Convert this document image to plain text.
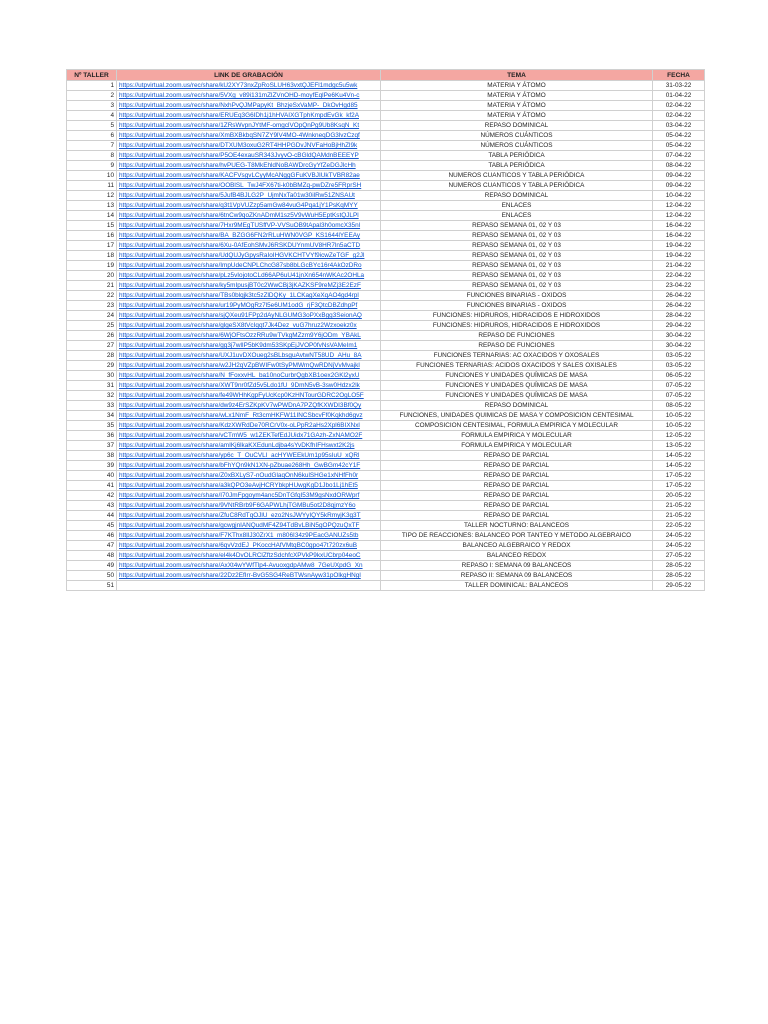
Nº TALLER	LINK DE GRABACIÓN	TEMA	FECHA
1	https://utpvirtual.zoom.us/rec/share/kU2XY73nxZpRoSLUH63vxtQJEFl1mdgc5u5wk	MATERIA Y ÁTOMO	31-03-22
2	https://utpvirtual.zoom.us/rec/share/5VXg_v89i131mZlZVnOHD-moyfEqlPe6Ku4Vn-c	MATERIA Y ÁTOMO	01-04-22
3	https://utpvirtual.zoom.us/rec/share/NxhPvQJMPapyKt_BhzjeSxVaMP-_DkOvHgd85	MATERIA Y ÁTOMO	02-04-22
4	https://utpvirtual.zoom.us/rec/share/ERUEq3G6IDh1j1hHVAIXGTphKmpdEvGk_kf2A	MATERIA Y ÁTOMO	02-04-22
5	https://utpvirtual.zoom.us/rec/share/1ZRsWvpnJYtMF-omgclVOpQnPg9Ub8KsqN_Kt	REPASO DOMINICAL	03-04-22
6	https://utpvirtual.zoom.us/rec/share/XmBXBkbqSN7ZY9lV4MO-4WnkneqDG3lvzCzqf	NÚMEROS CUÁNTICOS	05-04-22
7	https://utpvirtual.zoom.us/rec/share/DTXUM3oxuG2RT4HHPGDvJNVFaHoBjHhZl9k	NÚMEROS CUÁNTICOS	05-04-22
8	https://utpvirtual.zoom.us/rec/share/P5OE4exauSR343JvyvO-cBGldQAMdnBEEEYP	TABLA PERIÓDICA	07-04-22
9	https://utpvirtual.zoom.us/rec/share/hvPUEG-T8MkEhldNoBAWDrcGyYfZeDGJlcHh	TABLA PERIÓDICA	08-04-22
10	https://utpvirtual.zoom.us/rec/share/KACFVsgvLCyyMcANggGFuKVBJIUkTVBR82ae	NUMEROS CUANTICOS Y TABLA PERIÓDICA	09-04-22
11	https://utpvirtual.zoom.us/rec/share/OOBlSL_TwJ4FX67ti-k0bBMZq-pwDZre5FRprSH	NUMEROS CUANTICOS Y TABLA PERIÓDICA	09-04-22
12	https://utpvirtual.zoom.us/rec/share/5JufB4BJLG2P_UjmNxTa01w30ilRw51ZNSAUt	REPASO DOMINICAL	10-04-22
13	https://utpvirtual.zoom.us/rec/share/q3t1VpVUZzp5amGw84vuG4Pqa1jY1PsKqMYY	ENLACES	12-04-22
14	https://utpvirtual.zoom.us/rec/share/6tnCw9qoZKnADmM1sz5V9vWuH5EptKstQJLPl	ENLACES	12-04-22
15	https://utpvirtual.zoom.us/rec/share/7Hxr9MEgTUSffVP-VVSuOB9tApal3h0omcX35nl	REPASO SEMANA 01, 02 Y 03	16-04-22
16	https://utpvirtual.zoom.us/rec/share/BA_BZGG6FN2rRLuHWN0VGP_KS1644lYEEAy	REPASO SEMANA 01, 02 Y 03	16-04-22
17	https://utpvirtual.zoom.us/rec/share/6Xu-0AfEohSMvJ6RSKDUYnmUV8HR7ln5aCTD	REPASO SEMANA 01, 02 Y 03	19-04-22
18	https://utpvirtual.zoom.us/rec/share/UdQUJyGpysRaIoIHGVKCHTVYf9icwZeTGF_g2Jl	REPASO SEMANA 01, 02 Y 03	19-04-22
19	https://utpvirtual.zoom.us/rec/share/ImpUdeCNPLChcG87sb8bLGcBYc16r4AkOzDRo	REPASO SEMANA 01, 02 Y 03	21-04-22
20	https://utpvirtual.zoom.us/rec/share/pLz5vIojotoCLd66AP6uU41jnXn654nWKAc2OHLa	REPASO SEMANA 01, 02 Y 03	22-04-22
21	https://utpvirtual.zoom.us/rec/share/ky5mIpusjBT0c2WwCBj3jKAZKSF9reMZj3E2EzF	REPASO SEMANA 01, 02 Y 03	23-04-22
22	https://utpvirtual.zoom.us/rec/share/TBs0blqjk3tc5zZlDQKy_1LCKagXeXqAO4gd4rpl	FUNCIONES BINARIAS - OXIDOS	26-04-22
23	https://utpvirtual.zoom.us/rec/share/ur19PyMOgRz7l5e6UM1odG_rjF3QtcDBZdhpPf	FUNCIONES BINARIAS - OXIDOS	26-04-22
24	https://utpvirtual.zoom.us/rec/share/sjQXeu91FPp2dAyNLGUMG3oPXxBgg3SeionAQ	FUNCIONES: HIDRUROS, HIDRACIDOS E HIDROXIDOS	28-04-22
25	https://utpvirtual.zoom.us/rec/share/glgeSX8tVcIqqt7Jk4Dez_vuG7hruz2Wzxoekz0x	FUNCIONES: HIDRUROS, HIDRACIDOS E HIDROXIDOS	29-04-22
26	https://utpvirtual.zoom.us/rec/share/6WjOFtsOzzRRu9wTVkgMZzm9Y6jODm_YBAkL	REPASO DE FUNCIONES	30-04-22
27	https://utpvirtual.zoom.us/rec/share/gg3j7wlIP5bK9dm53SKpEjJVOP0fvNsVAMeIm1	REPASO DE FUNCIONES	30-04-22
28	https://utpvirtual.zoom.us/rec/share/UXJ1uvDXOueg2sBLbsguAvtwNT58UD_AHu_8A	FUNCIONES TERNARIAS: AC OXACIDOS Y OXOSALES	03-05-22
29	https://utpvirtual.zoom.us/rec/share/w2JH2qVZpBWIFw0tSyPMWmQwRDNjVvMvajkl	FUNCIONES TERNARIAS: ACIDOS OXACIDOS Y SALES OXISALES	03-05-22
30	https://utpvirtual.zoom.us/rec/share/N_fFoxxvHL_ba10noCurbrQgbXB1oex2GKl2yxU	FUNCIONES Y UNIDADES QUÍMICAS DE MASA	06-05-22
31	https://utpvirtual.zoom.us/rec/share/XWT9nr0fZd5v5Ldo1fU_9DmN5vB-3sw0Hdzx2lk	FUNCIONES Y UNIDADES QUÍMICAS DE MASA	07-05-22
32	https://utpvirtual.zoom.us/rec/share/fe49WHhKgpFyUcKcp0KzHNTourGDRC2OgLO5F	FUNCIONES Y UNIDADES QUÍMICAS DE MASA	07-05-22
33	https://utpvirtual.zoom.us/rec/share/dw9z4ErSZKpKV7wPWDnA7PZQfKXWDI3Bf0Qy	REPASO DOMINICAL	08-05-22
34	https://utpvirtual.zoom.us/rec/share/wLx1NmF_Rt3cmHKFW11INCSbcvFf0Kqkhd6gvz	FUNCIONES, UNIDADES QUIMICAS DE MASA Y COMPOSICION CENTESIMAL	10-05-22
35	https://utpvirtual.zoom.us/rec/share/KdzXWRdDe70RCrV0x-oLPpR2aHs2Xpl6BIXNxl	COMPOSICION CENTESIMAL, FORMULA EMPIRICA Y MOLECULAR	10-05-22
36	https://utpvirtual.zoom.us/rec/share/vCTmW5_w1ZEKTefEdJUidx71GAzh-ZxNAMO2F	FORMULA EMPIRICA Y MOLECULAR	12-05-22
37	https://utpvirtual.zoom.us/rec/share/amIKj6lkaKXEdunLdjba4sYvDKfhIFHswxt2K2js	FORMULA EMPIRICA Y MOLECULAR	13-05-22
38	https://utpvirtual.zoom.us/rec/share/yp6c_T_OuCVLI_acHYWEEkUm1p95sIuU_xQRl	REPASO DE PARCIAL	14-05-22
39	https://utpvirtual.zoom.us/rec/share/bFhYQn9kN1XN-pZbuae268Hh_GwBGm42cY1F	REPASO DE PARCIAL	14-05-22
40	https://utpvirtual.zoom.us/rec/share/Z0xBXLyS7-nOudGlaqOnN6kulSHGe1xNHfFh0r	REPASO DE PARCIAL	17-05-22
41	https://utpvirtual.zoom.us/rec/share/a3kQPO3eAvjHCRYbkpHUwgKgD1Jbo1Lj1hEt5	REPASO DE PARCIAL	17-05-22
42	https://utpvirtual.zoom.us/rec/share/I70JmFpgoym4anc5DnTGfqI53M9gsNxdORWprf	REPASO DE PARCIAL	20-05-22
43	https://utpvirtual.zoom.us/rec/share/9VNtRBrb9F6GAPWLhjTGMBu5ot2D8qjmzY6o	REPASO DE PARCIAL	21-05-22
44	https://utpvirtual.zoom.us/rec/share/ZfuC8RdTqOJlU_ezo2NsJWYyIQY5kRmyjK3g3T	REPASO DE PARCIAL	21-05-22
45	https://utpvirtual.zoom.us/rec/share/gcwgjnIANQudMF4Z94TdBvLBiN5gOPQzuQxTF	TALLER NOCTURNO: BALANCEOS	22-05-22
46	https://utpvirtual.zoom.us/rec/share/F7KThx8IlJ30ZrX1_m806I34z9PEacGANUZs5tb	TIPO DE REACCIONES: BALANCEO POR TANTEO Y METODO ALGEBRAICO	24-05-22
47	https://utpvirtual.zoom.us/rec/share/6qvVzdEJ_PKoccHAfVMtqBC0gpo47t720zx6uB	BALANCEO ALGEBRAICO Y REDOX	24-05-22
48	https://utpvirtual.zoom.us/rec/share/eI4k4DvOLRClZftzSdchfcXPVkP9kxUCbrp04eoC	BALANCEO REDOX	27-05-22
49	https://utpvirtual.zoom.us/rec/share/AxXt4wYWfTlp4-AvuoxgdpAMw8_7GeUXpdG_Xn	REPASO I: SEMANA 09 BALANCEOS	28-05-22
50	https://utpvirtual.zoom.us/rec/share/22Dz2EfIrr-BvG5SG4ReBTWsnAyw31pOlkgHNgl	REPASO II: SEMANA 09 BALANCEOS	28-05-22
51		TALLER DOMINICAL: BALANCEOS	29-05-22
